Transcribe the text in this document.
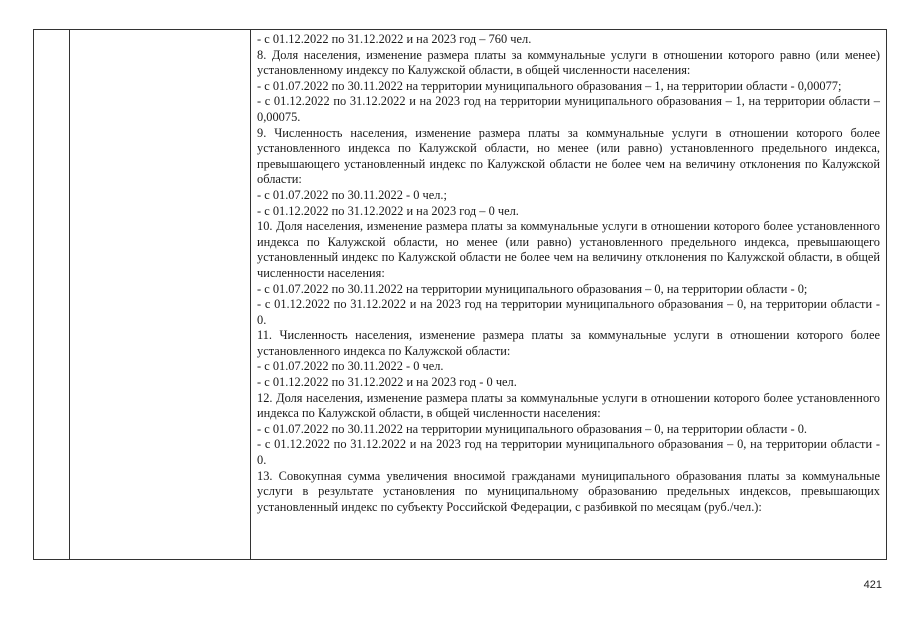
- с 01.12.2022 по 31.12.2022 и на 2023 год – 760 чел.

8. Доля населения, изменение размера платы за коммунальные услуги в отношении которого равно (или менее) установленному индексу по Калужской области, в общей численности населения:

- с 01.07.2022 по 30.11.2022 на территории муниципального образования – 1, на территории области - 0,00077;

- с 01.12.2022 по 31.12.2022 и на 2023 год на территории муниципального образования – 1, на территории области – 0,00075.

9. Численность населения, изменение размера платы за коммунальные услуги в отношении которого более установленного индекса по Калужской области, но менее (или равно) установленного предельного индекса, превышающего установленный индекс по Калужской области не более чем на величину отклонения по Калужской области:

- с 01.07.2022 по 30.11.2022 - 0 чел.;

- с 01.12.2022 по 31.12.2022 и на 2023 год – 0 чел.

10. Доля населения, изменение размера платы за коммунальные услуги в отношении которого более установленного индекса по Калужской области, но менее (или равно) установленного предельного индекса, превышающего установленный индекс по Калужской области не более чем на величину отклонения по Калужской области, в общей численности населения:

- с 01.07.2022 по 30.11.2022 на территории муниципального образования – 0, на территории области - 0;

- с 01.12.2022 по 31.12.2022 и на 2023 год на территории муниципального образования – 0, на территории области - 0.

11. Численность населения, изменение размера платы за коммунальные услуги в отношении которого более установленного индекса по Калужской области:

- с 01.07.2022 по 30.11.2022 - 0 чел.

- с 01.12.2022 по 31.12.2022 и на 2023 год - 0 чел.

12. Доля населения, изменение размера платы за коммунальные услуги в отношении которого более установленного индекса по Калужской области, в общей численности населения:

- с 01.07.2022 по 30.11.2022 на территории муниципального образования – 0, на территории области - 0.

- с 01.12.2022 по 31.12.2022 и на 2023 год на территории муниципального образования – 0, на территории области - 0.

13. Совокупная сумма увеличения вносимой гражданами муниципального образования платы за коммунальные услуги в результате установления по муниципальному образованию предельных индексов, превышающих установленный индекс по субъекту Российской Федерации, с разбивкой по месяцам (руб./чел.):

421
